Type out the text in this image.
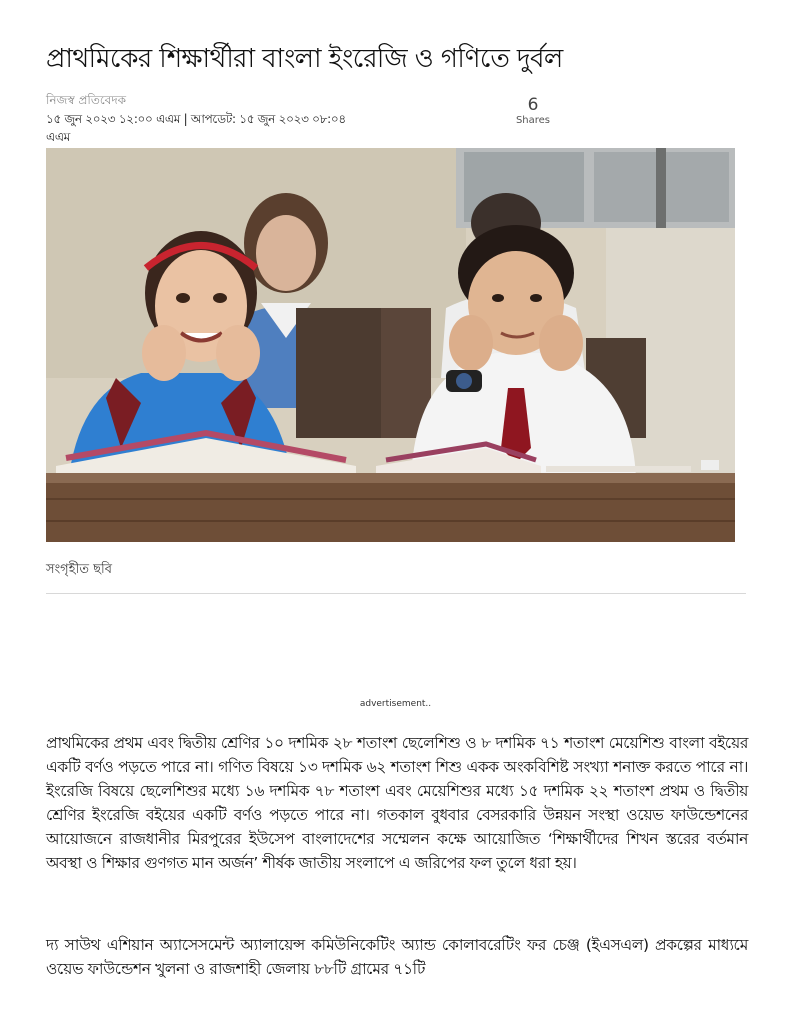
প্রাথমিকের শিক্ষার্থীরা বাংলা ইংরেজি ও গণিতে দুর্বল
নিজস্ব প্রতিবেদক
১৫ জুন ২০২৩ ১২:০০ এএম | আপডেট: ১৫ জুন ২০২৩ ০৮:০৪ এএম
6
Shares
সংগৃহীত ছবি
advertisement..

প্রাথমিকের প্রথম এবং দ্বিতীয় শ্রেণির ১০ দশমিক ২৮ শতাংশ ছেলেশিশু ও ৮ দশমিক ৭১ শতাংশ মেয়েশিশু বাংলা বইয়ের একটি বর্ণও পড়তে পারে না। গণিত বিষয়ে ১৩ দশমিক ৬২ শতাংশ শিশু একক অংকবিশিষ্ট সংখ্যা শনাক্ত করতে পারে না। ইংরেজি বিষয়ে ছেলেশিশুর মধ্যে ১৬ দশমিক ৭৮ শতাংশ এবং মেয়েশিশুর মধ্যে ১৫ দশমিক ২২ শতাংশ প্রথম ও দ্বিতীয় শ্রেণির ইংরেজি বইয়ের একটি বর্ণও পড়তে পারে না। গতকাল বুধবার বেসরকারি উন্নয়ন সংস্থা ওয়েভ ফাউন্ডেশনের আয়োজনে রাজধানীর মিরপুরের ইউসেপ বাংলাদেশের সম্মেলন কক্ষে আয়োজিত ‘শিক্ষার্থীদের শিখন স্তরের বর্তমান অবস্থা ও শিক্ষার গুণগত মান অর্জন’ শীর্ষক জাতীয় সংলাপে এ জরিপের ফল তুলে ধরা হয়।

দ্য সাউথ এশিয়ান অ্যাসেসমেন্ট অ্যালায়েন্স কমিউনিকেটিং অ্যান্ড কোলাবরেটিং ফর চেঞ্জ (ইএসএল) প্রকল্পের মাধ্যমে ওয়েভ ফাউন্ডেশন খুলনা ও রাজশাহী জেলায় ৮৮টি গ্রামের ৭১টি
